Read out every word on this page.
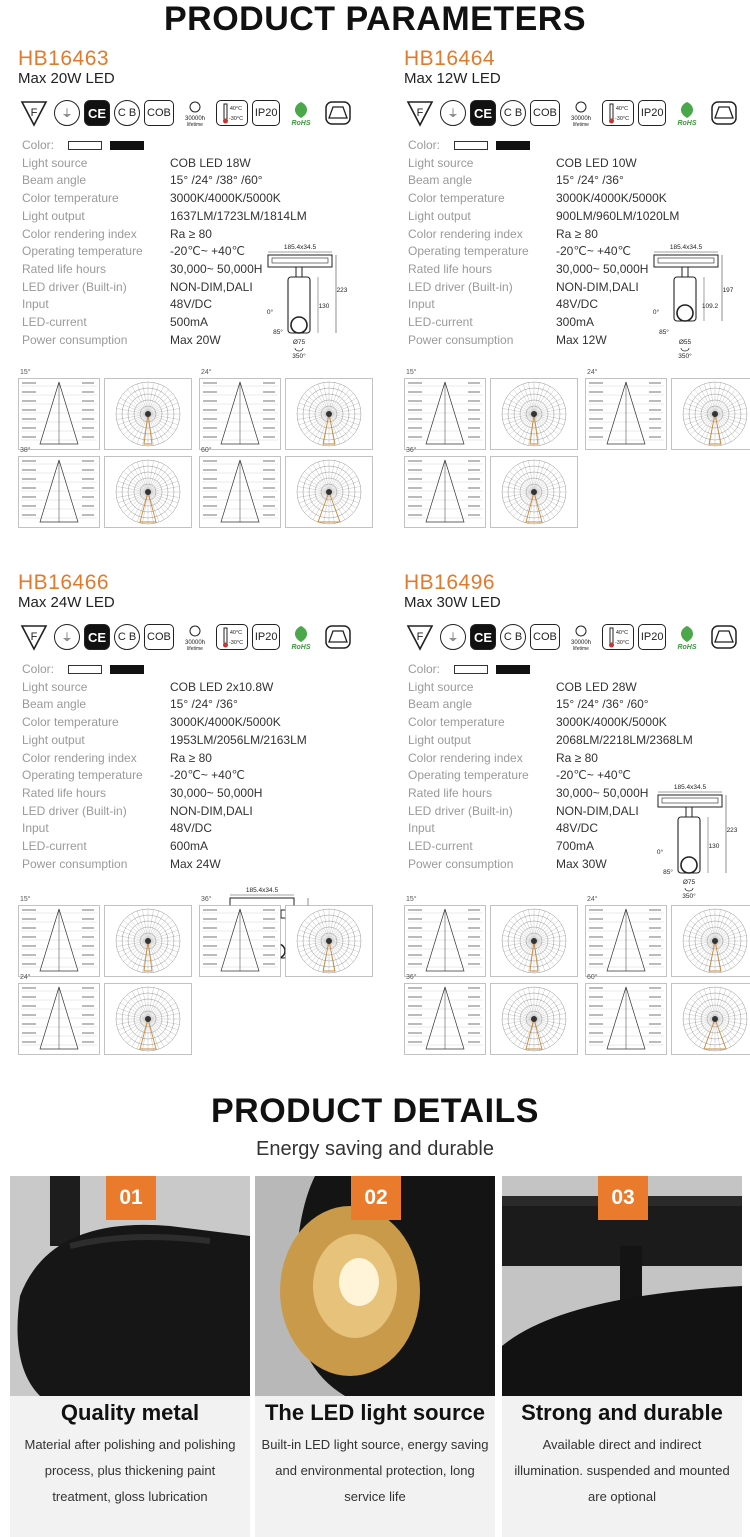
PRODUCT PARAMETERS
HB16463
Max 20W LED
F	⏚	CE	C B COB	30000h
lifetime
40°C
-30°C IP20
RoHS
Color:
Light source	COB LED 18W
Beam angle	15° /24° /38° /60°
Color temperature	3000K/4000K/5000K
Light output	1637LM/1723LM/1814LM
Color rendering index	Ra ≥ 80
Operating temperature	-20℃~ +40℃
Rated life hours	30,000~ 50,000H
LED driver (Built-in)	NON-DIM,DALI
Input	48V/DC
LED-current	500mA
Power consumption	Max 20W
185.4x34.5
223
130
0°
85°
Ø75
350°
15°	24°
38°	60°
HB16464
Max 12W LED
F	⏚	CE	C B COB	30000h
lifetime
40°C
-30°C IP20
RoHS
Color:
Light source	COB LED 10W
Beam angle	15° /24° /36°
Color temperature	3000K/4000K/5000K
Light output	900LM/960LM/1020LM
Color rendering index	Ra ≥ 80
Operating temperature	-20℃~ +40℃
Rated life hours	30,000~ 50,000H
LED driver (Built-in)	NON-DIM,DALI
Input	48V/DC
LED-current	300mA
Power consumption	Max 12W
185.4x34.5
197
109.2
0°
85°
Ø55
350°
15°	24°
36°
HB16466
Max 24W LED
F	⏚	CE	C B COB	30000h
lifetime
40°C
-30°C IP20
RoHS
Color:
Light source	COB LED 2x10.8W
Beam angle	15° /24° /36°
Color temperature	3000K/4000K/5000K
Light output	1953LM/2056LM/2163LM
Color rendering index	Ra ≥ 80
Operating temperature	-20℃~ +40℃
Rated life hours	30,000~ 50,000H
LED driver (Built-in)	NON-DIM,DALI
Input	48V/DC
LED-current	600mA
Power consumption	Max 24W
185.4x34.5
15°	36°
24°
HB16496
Max 30W LED
F	⏚	CE	C B COB	30000h
lifetime
40°C
-30°C IP20
RoHS
Color:
Light source	COB LED 28W
Beam angle	15° /24° /36° /60°
Color temperature	3000K/4000K/5000K
Light output	2068LM/2218LM/2368LM
Color rendering index	Ra ≥ 80
Operating temperature	-20℃~ +40℃
Rated life hours	30,000~ 50,000H
LED driver (Built-in)	NON-DIM,DALI
Input	48V/DC
LED-current	700mA
Power consumption	Max 30W
185.4x34.5
223
130
0°
85°
Ø75
350°
15°	24°
36°	60°
PRODUCT DETAILS
Energy saving and durable
01
Quality metal
Material after polishing and polishing process, plus thickening paint treatment, gloss lubrication
02
The LED light source
Built-in LED light source, energy saving and environmental protection, long service life
03
Strong and durable
Available direct and indirect illumination. suspended and mounted are optional
